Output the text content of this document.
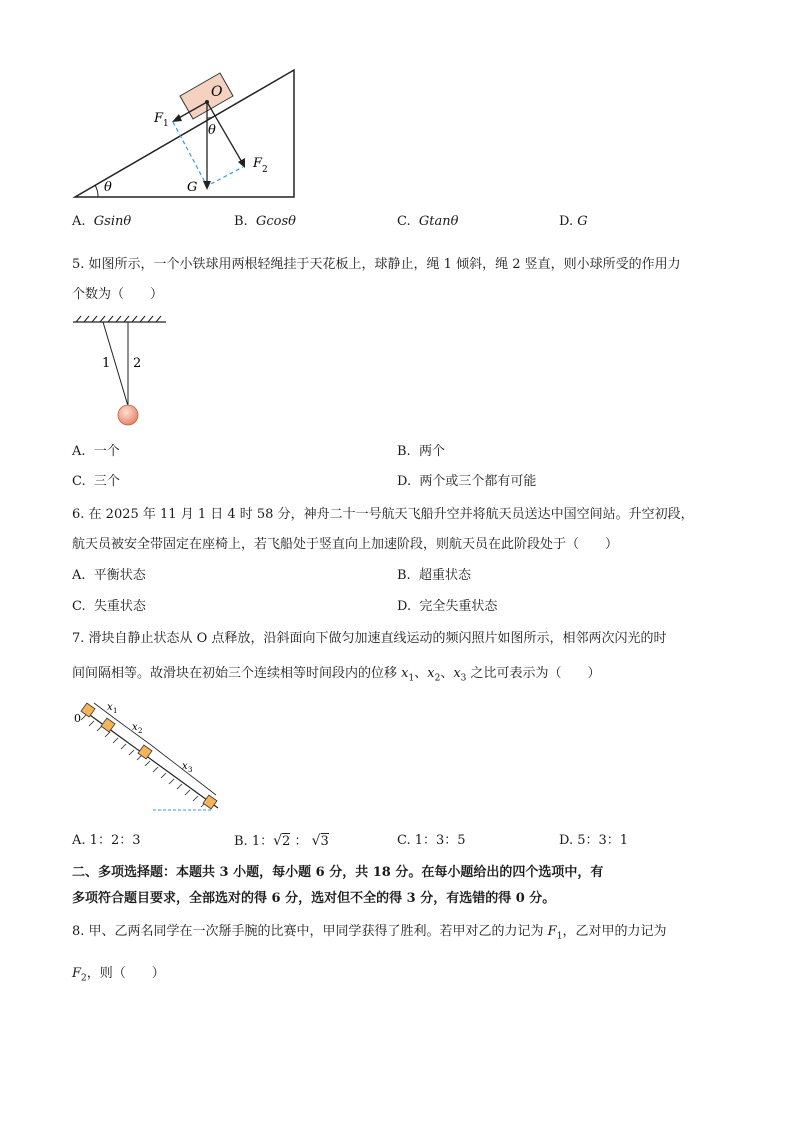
O
F 1	θ
F 2
G
θ
A. Gsinθ	B. Gcosθ	C. Gtanθ	D. G
5. 如图所示，一个小铁球用两根轻绳挂于天花板上，球静止，绳 1 倾斜，绳 2 竖直，则小球所受的作用力
个数为（　　）
1 2
A. 一个	B. 两个
C. 三个	D. 两个或三个都有可能
6. 在 2025 年 11 月 1 日 4 时 58 分，神舟二十一号航天飞船升空并将航天员送达中国空间站。升空初段，
航天员被安全带固定在座椅上，若飞船处于竖直向上加速阶段，则航天员在此阶段处于（　　）
A. 平衡状态	B. 超重状态
C. 失重状态	D. 完全失重状态
7. 滑块自静止状态从 O 点释放，沿斜面向下做匀加速直线运动的频闪照片如图所示，相邻两次闪光的时
间间隔相等。故滑块在初始三个连续相等时间段内的位移 $x_1$、$x_2$、$x_3$ 之比可表示为（　　）
0
x 1
x 2
x 3
A. 1：2：3	B. 1：√2 ： √3	C. 1：3：5	D. 5：3：1
二、多项选择题：本题共 3 小题，每小题 6 分，共 18 分。在每小题给出的四个选项中，有
多项符合题目要求，全部选对的得 6 分，选对但不全的得 3 分，有选错的得 0 分。
8. 甲、乙两名同学在一次掰手腕的比赛中，甲同学获得了胜利。若甲对乙的力记为 $F_1$，乙对甲的力记为
$F_2$，则（　　）
